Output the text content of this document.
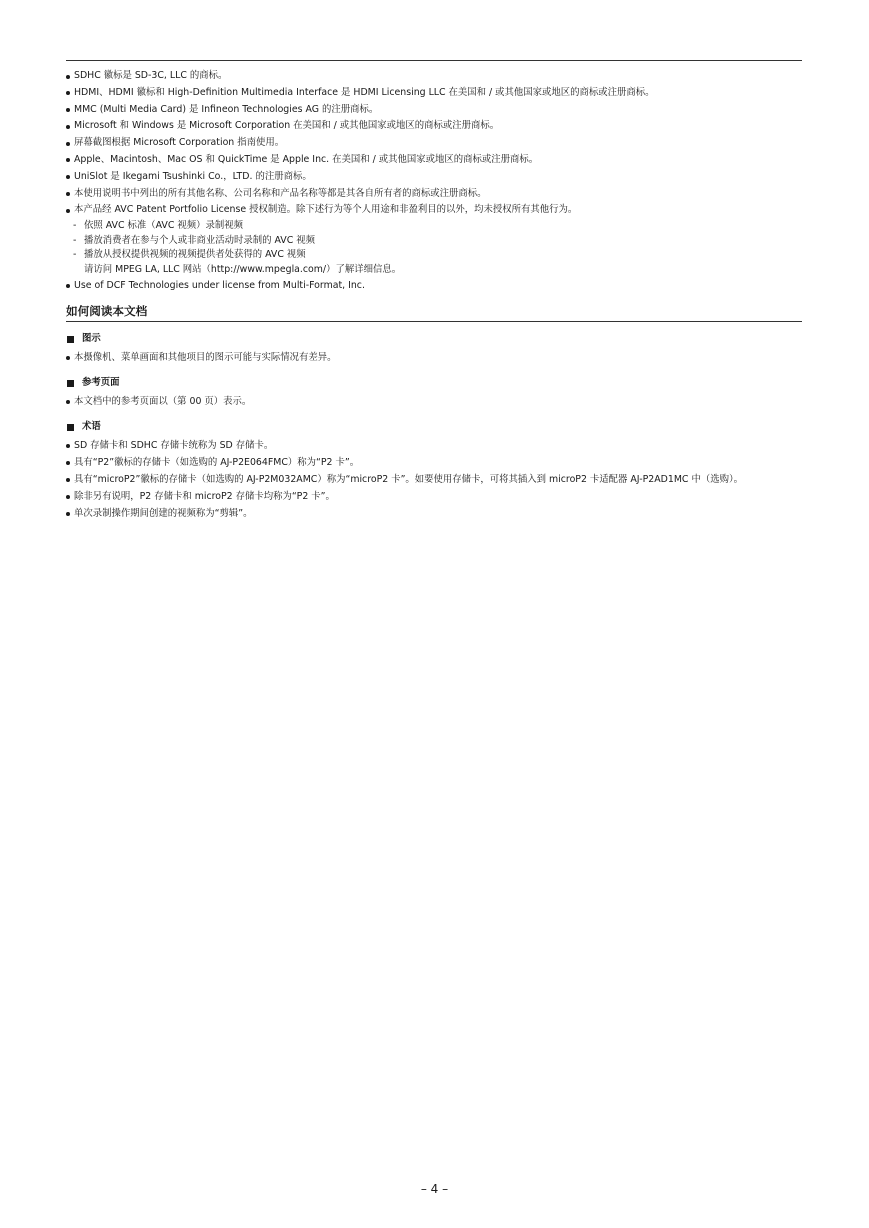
SDHC 徽标是 SD-3C, LLC 的商标。
HDMI、HDMI 徽标和 High-Definition Multimedia Interface 是 HDMI Licensing LLC 在美国和 / 或其他国家或地区的商标或注册商标。
MMC (Multi Media Card) 是 Infineon Technologies AG 的注册商标。
Microsoft 和 Windows 是 Microsoft Corporation 在美国和 / 或其他国家或地区的商标或注册商标。
屏幕截图根据 Microsoft Corporation 指南使用。
Apple、Macintosh、Mac OS 和 QuickTime 是 Apple Inc. 在美国和 / 或其他国家或地区的商标或注册商标。
UniSlot 是 Ikegami Tsushinki Co.，LTD. 的注册商标。
本使用说明书中列出的所有其他名称、公司名称和产品名称等都是其各自所有者的商标或注册商标。
本产品经 AVC Patent Portfolio License 授权制造。除下述行为等个人用途和非盈利目的以外，均未授权所有其他行为。
- 依照 AVC 标准（AVC 视频）录制视频
- 播放消费者在参与个人或非商业活动时录制的 AVC 视频
- 播放从授权提供视频的视频提供者处获得的 AVC 视频
请访问 MPEG LA, LLC 网站（http://www.mpegla.com/）了解详细信息。
Use of DCF Technologies under license from Multi-Format, Inc.
如何阅读本文档
图示
本摄像机、菜单画面和其他项目的图示可能与实际情况有差异。
参考页面
本文档中的参考页面以（第 00 页）表示。
术语
SD 存储卡和 SDHC 存储卡统称为 SD 存储卡。
具有“P2”徽标的存储卡（如选购的 AJ-P2E064FMC）称为“P2 卡”。
具有“microP2”徽标的存储卡（如选购的 AJ-P2M032AMC）称为“microP2 卡”。如要使用存储卡，可将其插入到 microP2 卡适配器 AJ-P2AD1MC 中（选购）。
除非另有说明，P2 存储卡和 microP2 存储卡均称为“P2 卡”。
单次录制操作期间创建的视频称为“剪辑”。
– 4 –
